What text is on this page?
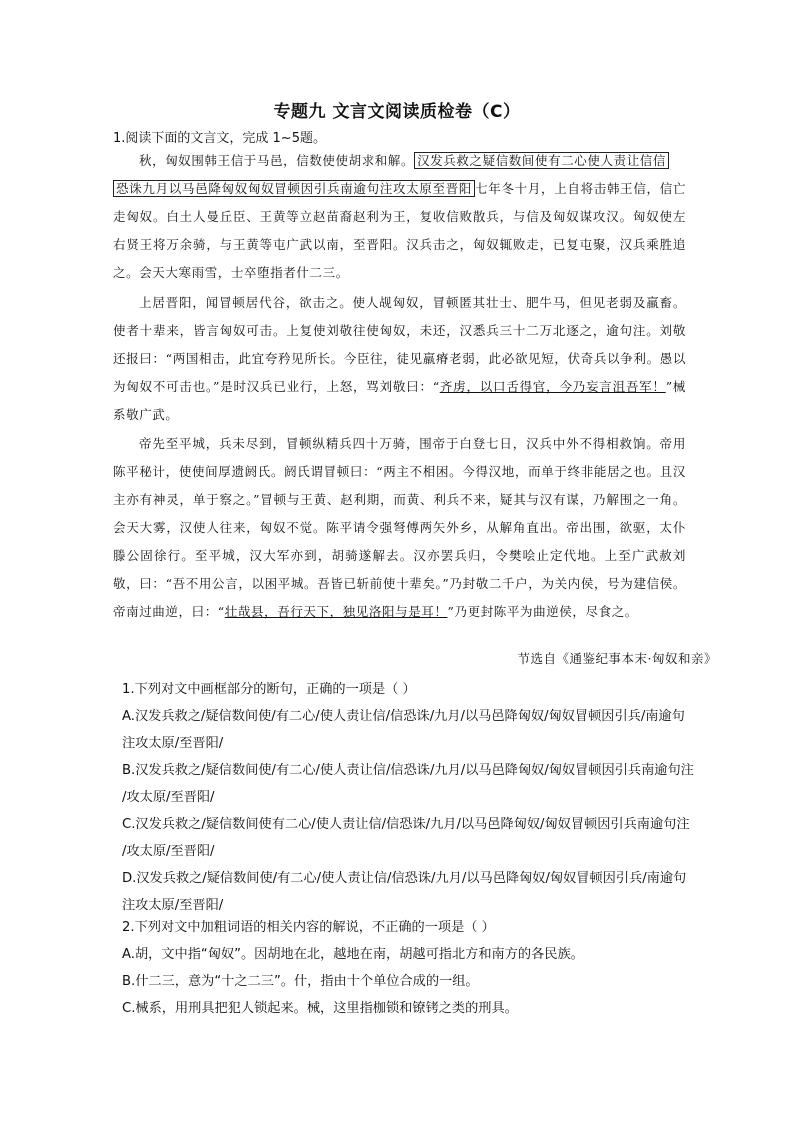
专题九 文言文阅读质检卷（C）
1.阅读下面的文言文，完成 1~5题。
秋，匈奴围韩王信于马邑，信数使使胡求和解。 汉发兵救之疑信数间使有二心使人责让信信
恐诛九月以马邑降匈奴匈奴冒顿因引兵南逾句注攻太原至晋阳 七年冬十月，上自将击韩王信，信亡走匈奴。白土人曼丘臣、王黄等立赵苗裔赵利为王，复收信败散兵，与信及匈奴谋攻汉。匈奴使左右贤王将万余骑，与王黄等屯广武以南，至晋阳。汉兵击之，匈奴辄败走，已复屯聚，汉兵乘胜追之。会天大寒雨雪，士卒堕指者什二三。
上居晋阳，闻冒顿居代谷，欲击之。使人觇匈奴，冒顿匿其壮士、肥牛马，但见老弱及羸畜。使者十辈来，皆言匈奴可击。上复使刘敬往使匈奴，未还，汉悉兵三十二万北逐之，逾句注。刘敬还报曰：“两国相击，此宜夸矜见所长。今臣往，徒见羸瘠老弱，此必欲见短，伏奇兵以争利。愚以为匈奴不可击也。”是时汉兵已业行，上怒，骂刘敬曰：“齐虏，以口舌得官，今乃妄言沮吾军！”械系敬广武。
帝先至平城，兵未尽到，冒顿纵精兵四十万骑，围帝于白登七日，汉兵中外不得相救饷。帝用陈平秘计，使使间厚遗阏氏。阏氏谓冒顿曰：“两主不相困。今得汉地，而单于终非能居之也。且汉主亦有神灵，单于察之。”冒顿与王黄、赵利期，而黄、利兵不来，疑其与汉有谋，乃解围之一角。会天大雾，汉使人往来，匈奴不觉。陈平请令强弩傅两矢外乡，从解角直出。帝出围，欲驱，太仆滕公固徐行。至平城，汉大军亦到，胡骑遂解去。汉亦罢兵归，令樊哙止定代地。上至广武赦刘敬，曰：“吾不用公言，以困平城。吾皆已斩前使十辈矣。”乃封敬二千户，为关内侯，号为建信侯。帝南过曲逆，曰：“壮哉县，吾行天下，独见洛阳与是耳！”乃更封陈平为曲逆侯，尽食之。
节选自《通鉴纪事本末·匈奴和亲》
1.下列对文中画框部分的断句，正确的一项是（ ）
A.汉发兵救之/疑信数间使/有二心/使人责让信/信恐诛/九月/以马邑降匈奴/匈奴冒顿因引兵/南逾句
注攻太原/至晋阳/
B.汉发兵救之/疑信数间使/有二心/使人责让信/信恐诛/九月/以马邑降匈奴/匈奴冒顿因引兵南逾句注
/攻太原/至晋阳/
C.汉发兵救之/疑信数间使有二心/使人责让信/信恐诛/九月/以马邑降匈奴/匈奴冒顿因引兵南逾句注
/攻太原/至晋阳/
D.汉发兵救之/疑信数间使/有二心/使人责让信/信恐诛/九月/以马邑降匈奴/匈奴冒顿因引兵/南逾句
注攻太原/至晋阳/
2.下列对文中加粗词语的相关内容的解说，不正确的一项是（ ）
A.胡，文中指“匈奴”。因胡地在北，越地在南，胡越可指北方和南方的各民族。
B.什二三，意为“十之二三”。什，指由十个单位合成的一组。
C.械系，用刑具把犯人锁起来。械，这里指枷锁和镣铐之类的刑具。
